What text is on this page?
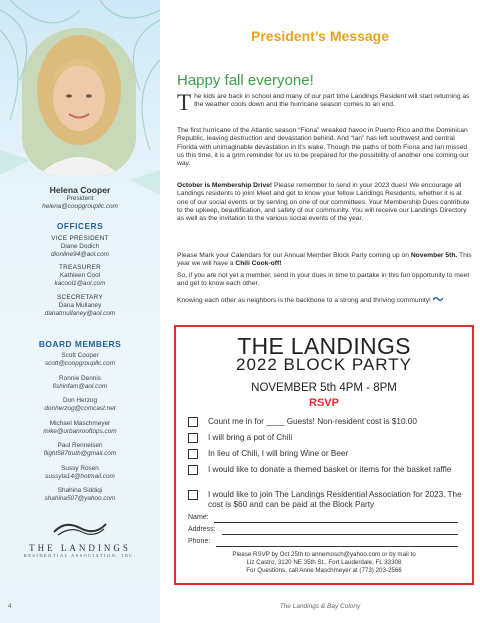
Helena Cooper
President
helena@coopgroupllc.com
OFFICERS
VICE PRESIDENT
Diane Dodich
dionline94@aol.com
TREASURER
Kathleen Cool
kacool1@aol.com
SCECRETARY
Dana Mullaney
danatmullaney@aol.com
BOARD MEMBERS
Scott Cooper
scott@coopgroupllc.com
Ronnie Dennis
fishinfam@aol.com
Don Herzog
donherzog@comcast.net
Michael Maschmeyer
mike@urbanrooftops.com
Paul Renneisen
flight587truth@gmail.com
Sussy Rosen
sussyta14@hotmail.com
Shahina Siddiqi
shahina507@yahoo.com
THE LANDINGS
RESIDENTIAL ASSOCIATION, INC.
4
President’s Message
Happy fall everyone!
The kids are back in school and many of our part time Landings Resident will start returning as the weather cools down and the hurricane season comes to an end.
The first hurricane of the Atlantic season “Fiona” wreaked havoc in Puerto Rico and the Dominican Republic, leaving destruction and devastation behind. And “Ian” has left southwest and central Florida with unimaginable devastation in it’s wake. Though the paths of both Fiona and Ian missed us this time, it is a grim reminder for us to be prepared for the possibility of another one coming our way.
October is Membership Drive! Please remember to send in your 2023 dues! We encourage all Landings residents to join! Meet and get to know your fellow Landings Residents, whether it is at one of our social events or by serving on one of our committees. Your Membership Dues contribute to the upkeep, beautification, and safety of our community. You will receive our Landings Directory as well as the invitation to the various social events of the year.
Please Mark your Calendars for our Annual Member Block Party coming up on November 5th. This year we will have a Chili Cook-off!
So, if you are not yet a member, send in your dues in time to partake in this fun opportunity to meet and get to know each other.
Knowing each other as neighbors is the backbone to a strong and thriving community!
THE LANDINGS
2022 BLOCK PARTY
NOVEMBER 5th 4PM - 8PM
RSVP
Count me in for ____ Guests! Non-resident cost is $10.00
I will bring a pot of Chili
In lieu of Chili, I will bring Wine or Beer
I would like to donate a themed basket or items for the basket raffle
I would like to join The Landings Residential Association for 2023. The cost is $60 and can be paid at the Block Party
Name:
Address:
Phone:
Please RSVP by Oct 25th to annemosch@yahoo.com or by mail to
Liz Castro, 3120 NE 35th St., Fort Lauderdale, FL 33308
For Questions, call Anne Maschmeyer at (773) 203-2566
The Landings & Bay Colony
